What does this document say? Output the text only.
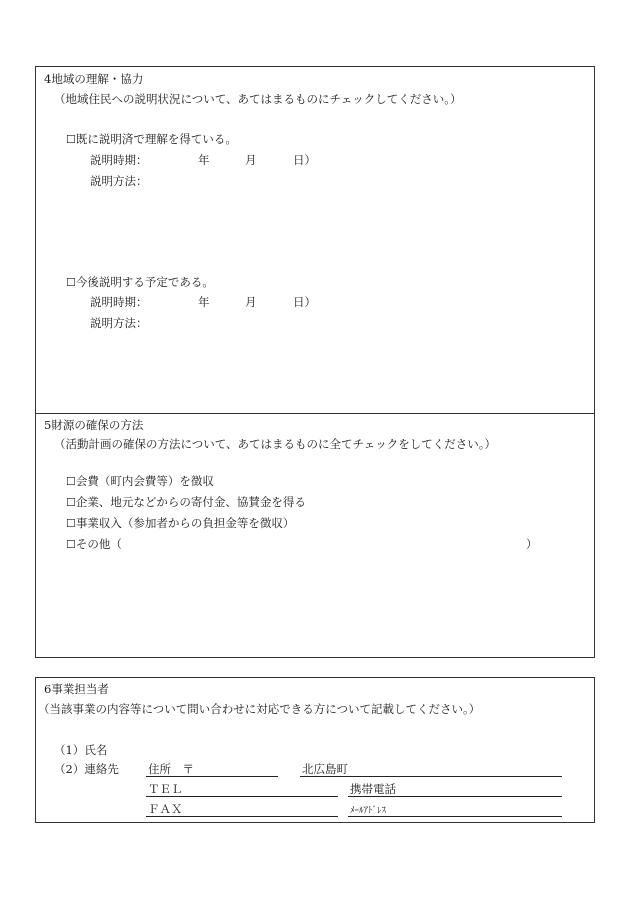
4地域の理解・協力
（地域住民への説明状況について、あてはまるものにチェックしてください。）
☐既に説明済で理解を得ている。
説明時期：	年	月	日）
説明方法：
☐今後説明する予定である。
説明時期：	年	月	日）
説明方法：
5財源の確保の方法
（活動計画の確保の方法について、あてはまるものに全てチェックをしてください。）
☐会費（町内会費等）を徴収
☐企業、地元などからの寄付金、協賛金を得る
☐事業収入（参加者からの負担金等を徴収）
☐その他（	）
6事業担当者
（当該事業の内容等について問い合わせに対応できる方について記載してください。）
（1）氏名
（2）連絡先	住所　〒	北広島町
ＴＥＬ	携帯電話
ＦＡＸ	ﾒｰﾙｱﾄﾞﾚｽ
